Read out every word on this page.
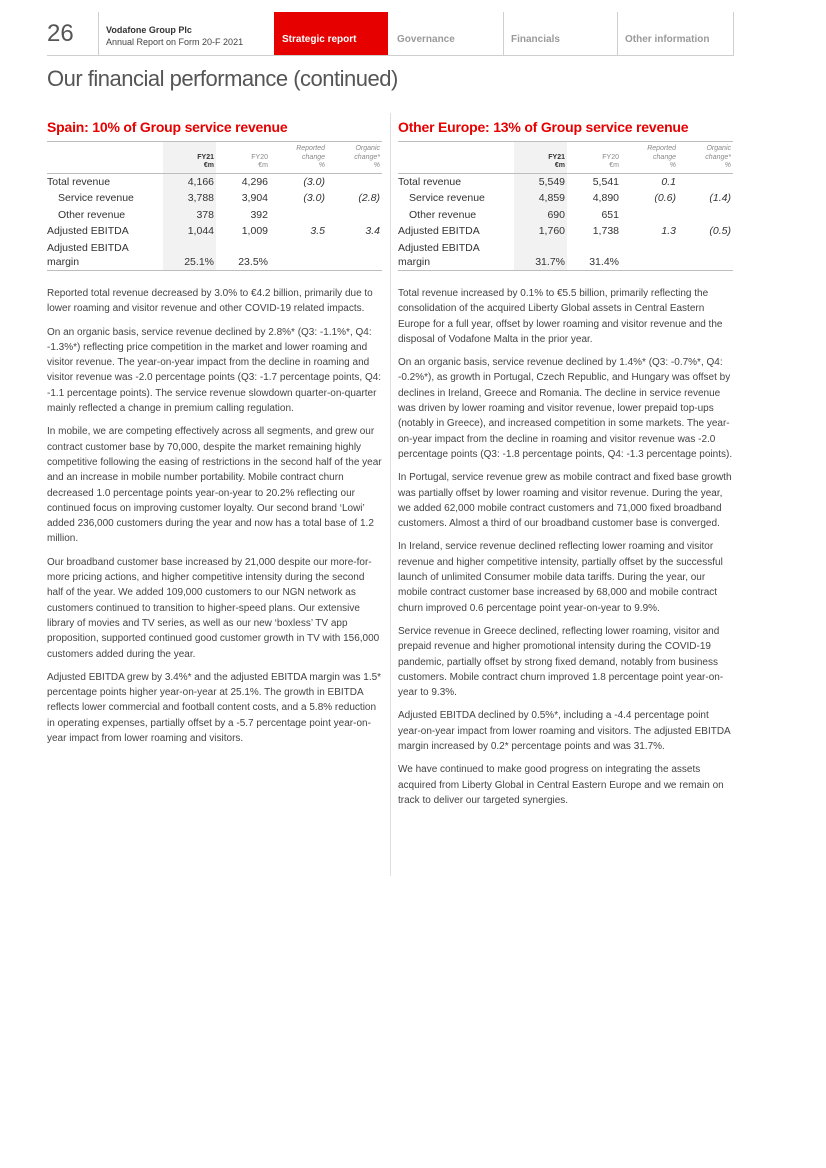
26	Vodafone Group Plc
Annual Report on Form 20-F 2021	Strategic report	Governance	Financials	Other information
Our financial performance (continued)
Spain: 10% of Group service revenue
	FY21
€m	FY20
€m	Reported
change
%	Organic
change*
%
Total revenue	4,166	4,296	(3.0)	
Service revenue	3,788	3,904	(3.0)	(2.8)
Other revenue	378	392		
Adjusted EBITDA	1,044	1,009	3.5	3.4
Adjusted EBITDA
margin	25.1%	23.5%		

Reported total revenue decreased by 3.0% to €4.2 billion, primarily due to lower roaming and visitor revenue and other COVID-19 related impacts.

On an organic basis, service revenue declined by 2.8%* (Q3: -1.1%*, Q4: -1.3%*) reflecting price competition in the market and lower roaming and visitor revenue. The year-on-year impact from the decline in roaming and visitor revenue was -2.0 percentage points (Q3: -1.7 percentage points, Q4: -1.1 percentage points). The service revenue slowdown quarter-on-quarter mainly reflected a change in premium calling regulation.

In mobile, we are competing effectively across all segments, and grew our contract customer base by 70,000, despite the market remaining highly competitive following the easing of restrictions in the second half of the year and an increase in mobile number portability. Mobile contract churn decreased 1.0 percentage points year-on-year to 20.2% reflecting our continued focus on improving customer loyalty. Our second brand ‘Lowi’ added 236,000 customers during the year and now has a total base of 1.2 million.

Our broadband customer base increased by 21,000 despite our more-for-more pricing actions, and higher competitive intensity during the second half of the year. We added 109,000 customers to our NGN network as customers continued to transition to higher-speed plans. Our extensive library of movies and TV series, as well as our new ‘boxless’ TV app proposition, supported continued good customer growth in TV with 156,000 customers added during the year.

Adjusted EBITDA grew by 3.4%* and the adjusted EBITDA margin was 1.5* percentage points higher year-on-year at 25.1%. The growth in EBITDA reflects lower commercial and football content costs, and a 5.8% reduction in operating expenses, partially offset by a -5.7 percentage point year-on-year impact from lower roaming and visitors.

Other Europe: 13% of Group service revenue
	FY21
€m	FY20
€m	Reported
change
%	Organic
change*
%
Total revenue	5,549	5,541	0.1	
Service revenue	4,859	4,890	(0.6)	(1.4)
Other revenue	690	651		
Adjusted EBITDA	1,760	1,738	1.3	(0.5)
Adjusted EBITDA
margin	31.7%	31.4%		

Total revenue increased by 0.1% to €5.5 billion, primarily reflecting the consolidation of the acquired Liberty Global assets in Central Eastern Europe for a full year, offset by lower roaming and visitor revenue and the disposal of Vodafone Malta in the prior year.

On an organic basis, service revenue declined by 1.4%* (Q3: -0.7%*, Q4: -0.2%*), as growth in Portugal, Czech Republic, and Hungary was offset by declines in Ireland, Greece and Romania. The decline in service revenue was driven by lower roaming and visitor revenue, lower prepaid top-ups (notably in Greece), and increased competition in some markets. The year-on-year impact from the decline in roaming and visitor revenue was -2.0 percentage points (Q3: -1.8 percentage points, Q4: -1.3 percentage points).

In Portugal, service revenue grew as mobile contract and fixed base growth was partially offset by lower roaming and visitor revenue. During the year, we added 62,000 mobile contract customers and 71,000 fixed broadband customers. Almost a third of our broadband customer base is converged.

In Ireland, service revenue declined reflecting lower roaming and visitor revenue and higher competitive intensity, partially offset by the successful launch of unlimited Consumer mobile data tariffs. During the year, our mobile contract customer base increased by 68,000 and mobile contract churn improved 0.6 percentage point year-on-year to 9.9%.

Service revenue in Greece declined, reflecting lower roaming, visitor and prepaid revenue and higher promotional intensity during the COVID-19 pandemic, partially offset by strong fixed demand, notably from business customers. Mobile contract churn improved 1.8 percentage point year-on-year to 9.3%.

Adjusted EBITDA declined by 0.5%*, including a -4.4 percentage point year-on-year impact from lower roaming and visitors. The adjusted EBITDA margin increased by 0.2* percentage points and was 31.7%.

We have continued to make good progress on integrating the assets acquired from Liberty Global in Central Eastern Europe and we remain on track to deliver our targeted synergies.
